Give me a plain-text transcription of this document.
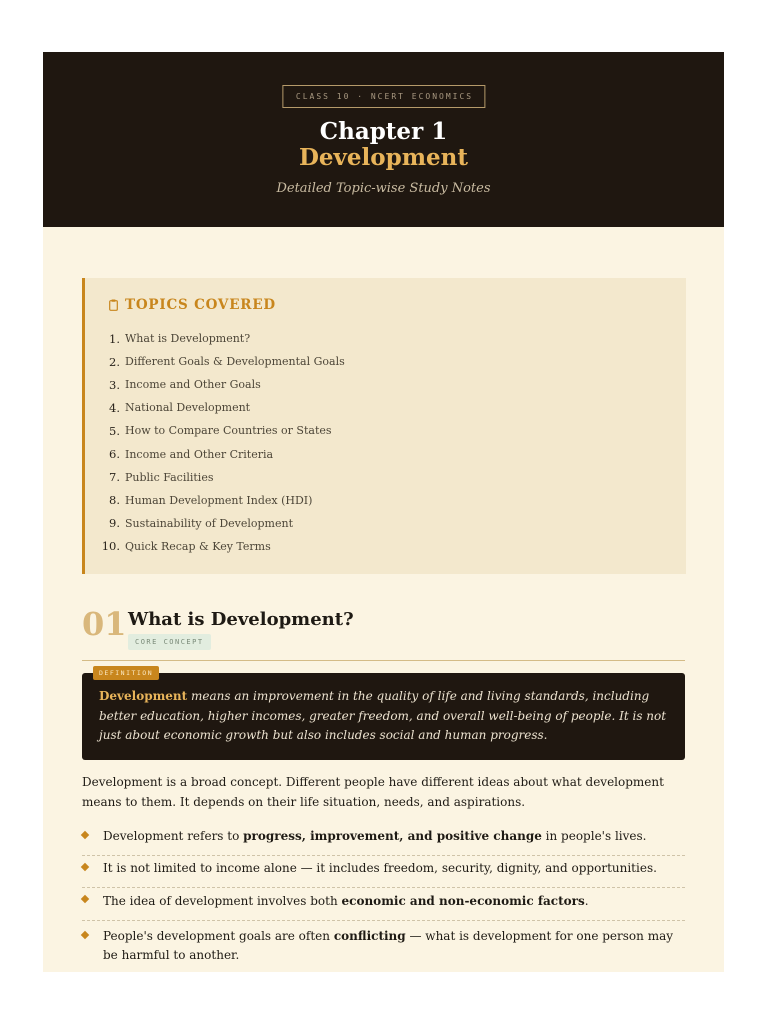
CLASS 10 · NCERT ECONOMICS
Chapter 1
Development
Detailed Topic-wise Study Notes
TOPICS COVERED
1. What is Development?
2. Different Goals & Developmental Goals
3. Income and Other Goals
4. National Development
5. How to Compare Countries or States
6. Income and Other Criteria
7. Public Facilities
8. Human Development Index (HDI)
9. Sustainability of Development
10. Quick Recap & Key Terms
01 What is Development?
CORE CONCEPT
DEFINITION
Development means an improvement in the quality of life and living standards, including better education, higher incomes, greater freedom, and overall well-being of people. It is not just about economic growth but also includes social and human progress.
Development is a broad concept. Different people have different ideas about what development means to them. It depends on their life situation, needs, and aspirations.
Development refers to progress, improvement, and positive change in people's lives.
It is not limited to income alone — it includes freedom, security, dignity, and opportunities.
The idea of development involves both economic and non-economic factors.
People's development goals are often conflicting — what is development for one person may be harmful to another.
